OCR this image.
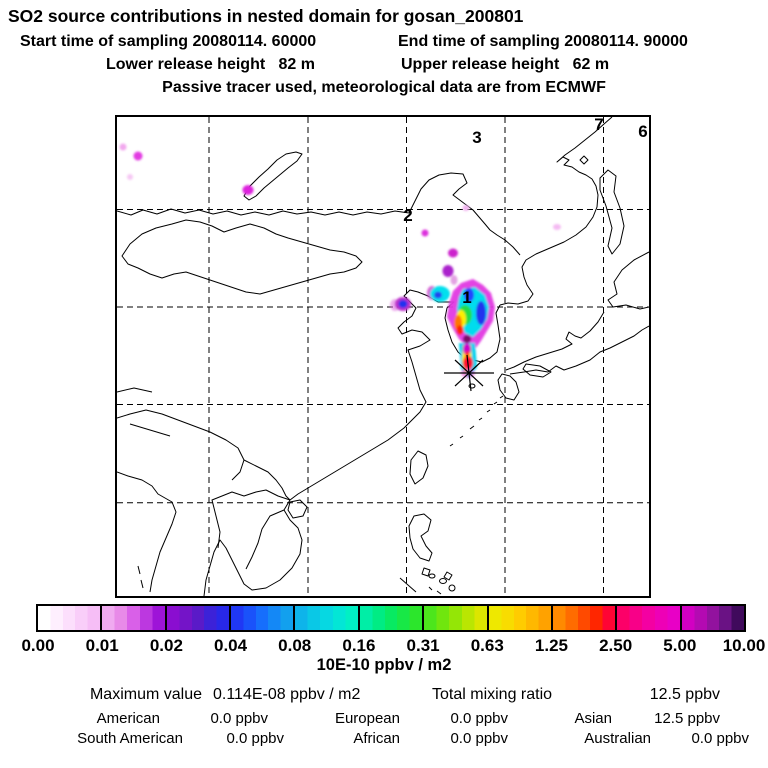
SO2 source contributions in nested domain for gosan_200801
Start time of sampling 20080114. 60000	End time of sampling 20080114. 90000
Lower release height   82 m	Upper release height   62 m
Passive tracer used, meteorological data are from ECMWF
1
2
3
7 6
0.00 0.01 0.02 0.04 0.08 0.16 0.31 0.63 1.25 2.50 5.00 10.00
10E-10 ppbv / m2
Maximum value 0.114E-08 ppbv / m2	Total mixing ratio	12.5 ppbv
American	0.0 ppbv	European	0.0 ppbv	Asian	12.5 ppbv
South American	0.0 ppbv	African	0.0 ppbv	Australian	0.0 ppbv
